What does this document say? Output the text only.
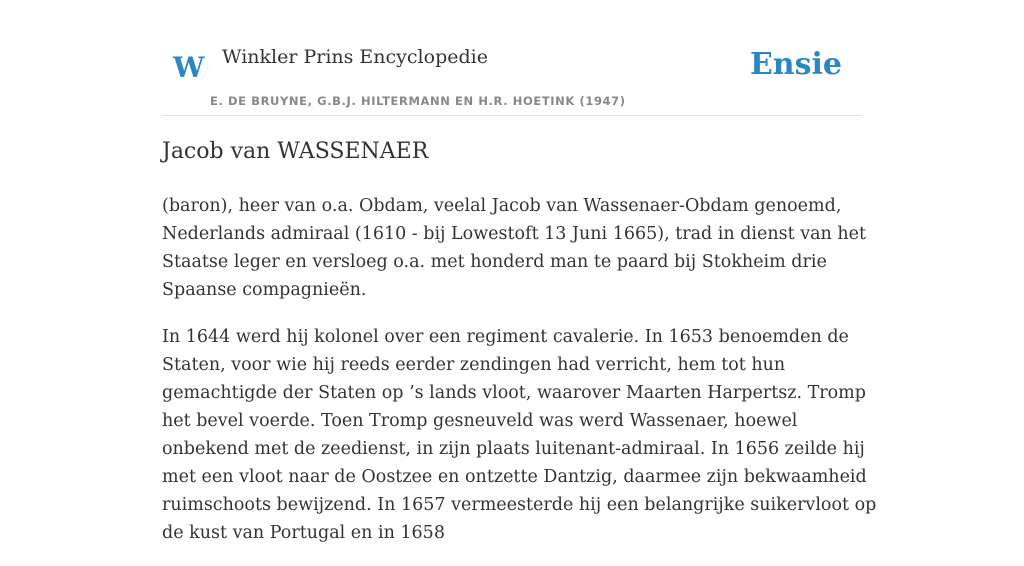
W Winkler Prins Encyclopedie
E. DE BRUYNE, G.B.J. HILTERMANN EN H.R. HOETINK (1947)
Ensie
Jacob van WASSENAER

(baron), heer van o.a. Obdam, veelal Jacob van Wassenaer-Obdam genoemd, Nederlands admiraal (1610 - bij Lowestoft 13 Juni 1665), trad in dienst van het Staatse leger en versloeg o.a. met honderd man te paard bij Stokheim drie Spaanse compagnieën.

In 1644 werd hij kolonel over een regiment cavalerie. In 1653 benoemden de Staten, voor wie hij reeds eerder zendingen had verricht, hem tot hun gemachtigde der Staten op ’s lands vloot, waarover Maarten Harpertsz. Tromp het bevel voerde. Toen Tromp gesneuveld was werd Wassenaer, hoewel onbekend met de zeedienst, in zijn plaats luitenant-admiraal. In 1656 zeilde hij met een vloot naar de Oostzee en ontzette Dantzig, daarmee zijn bekwaamheid ruimschoots bewijzend. In 1657 vermeesterde hij een belangrijke suikervloot op de kust van Portugal en in 1658
